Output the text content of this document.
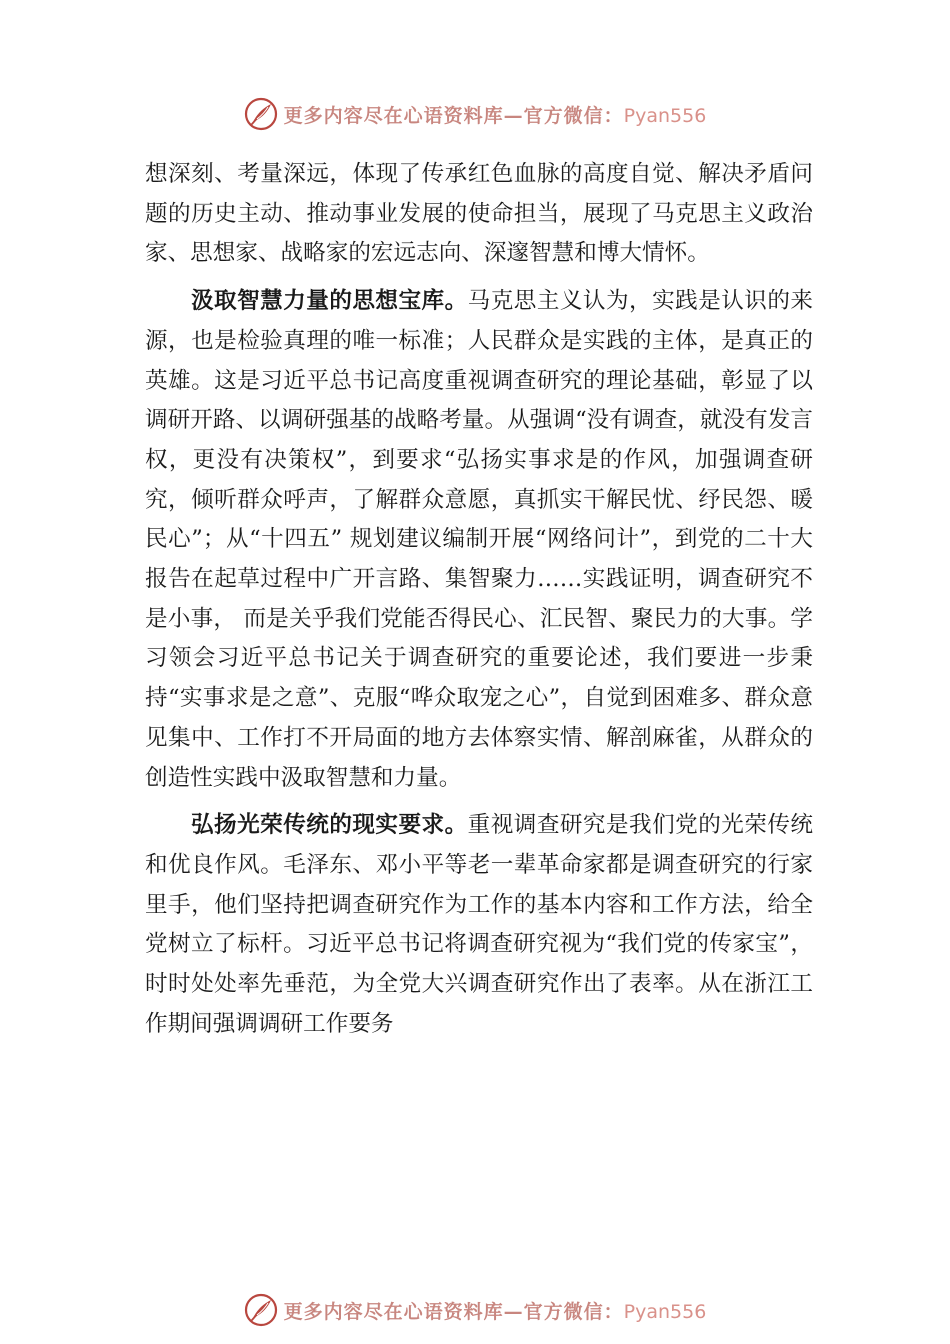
更多内容尽在心语资料库—官方微信：Pyan556

想深刻、考量深远，体现了传承红色血脉的高度自觉、解决矛盾问题的历史主动、推动事业发展的使命担当，展现了马克思主义政治家、思想家、战略家的宏远志向、深邃智慧和博大情怀。

汲取智慧力量的思想宝库。马克思主义认为，实践是认识的来源，也是检验真理的唯一标准；人民群众是实践的主体，是真正的英雄。这是习近平总书记高度重视调查研究的理论基础，彰显了以调研开路、以调研强基的战略考量。从强调“没有调查，就没有发言权，更没有决策权”，到要求“弘扬实事求是的作风，加强调查研究，倾听群众呼声，了解群众意愿，真抓实干解民忧、纾民怨、暖民心”；从“十四五” 规划建议编制开展“网络问计”，到党的二十大报告在起草过程中广开言路、集智聚力……实践证明，调查研究不是小事， 而是关乎我们党能否得民心、汇民智、聚民力的大事。学习领会习近平总书记关于调查研究的重要论述，我们要进一步秉持“实事求是之意”、克服“哗众取宠之心”，自觉到困难多、群众意见集中、工作打不开局面的地方去体察实情、解剖麻雀，从群众的创造性实践中汲取智慧和力量。

弘扬光荣传统的现实要求。重视调查研究是我们党的光荣传统和优良作风。毛泽东、邓小平等老一辈革命家都是调查研究的行家里手，他们坚持把调查研究作为工作的基本内容和工作方法，给全党树立了标杆。习近平总书记将调查研究视为“我们党的传家宝”，时时处处率先垂范，为全党大兴调查研究作出了表率。从在浙江工作期间强调调研工作要务

更多内容尽在心语资料库—官方微信：Pyan556
